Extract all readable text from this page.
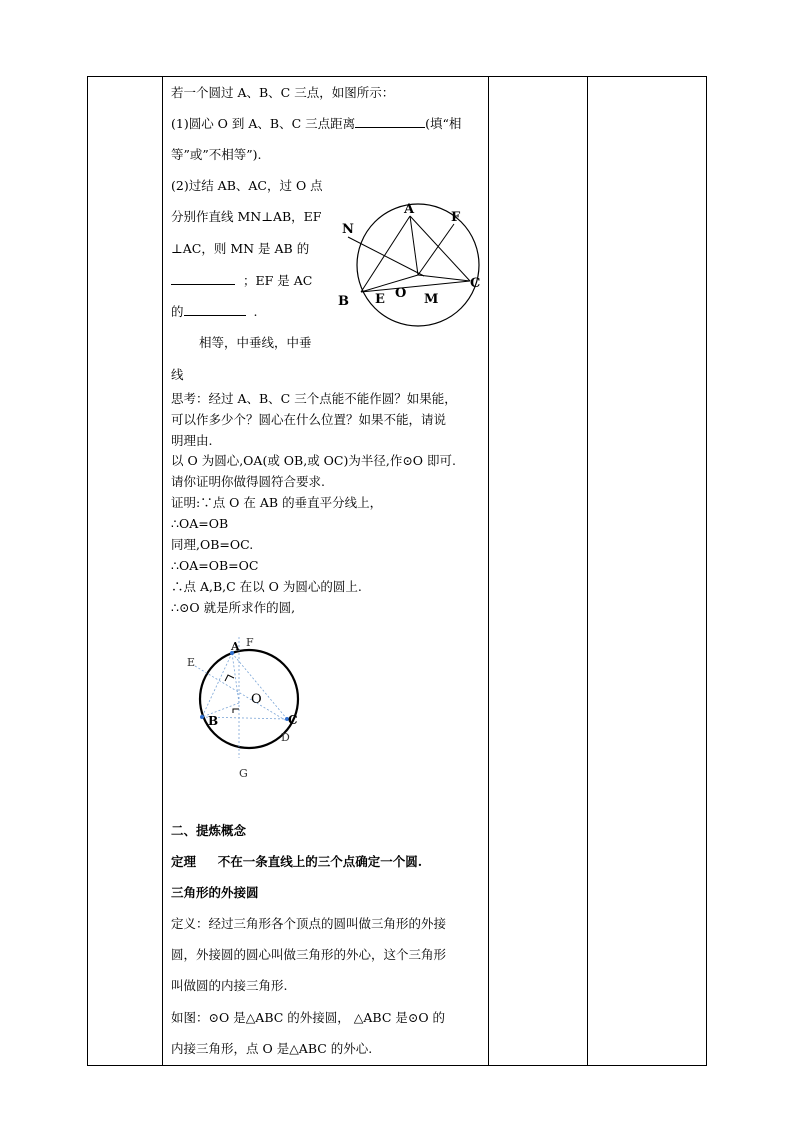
若一个圆过 A、B、C 三点，如图所示：
(1)圆心 O 到 A、B、C 三点距离	(填“相
等”或”不相等”).
(2)过结 AB、AC，过 O 点
分别作直线 MN⊥AB，EF
⊥AC，则 MN 是 AB 的
；EF 是 AC
的	.
相等，中垂线，中垂
线
A
N
F
B E O M
C
思考：经过 A、B、C 三个点能不能作圆？如果能，
可以作多少个？圆心在什么位置？如果不能，请说
明理由.
以 O 为圆心,OA(或 OB,或 OC)为半径,作⊙O 即可.
请你证明你做得圆符合要求.
证明:∵点 O 在 AB 的垂直平分线上，
∴OA=OB
同理,OB=OC.
∴OA=OB=OC
∴点 A,B,C 在以 O 为圆心的圆上.
∴⊙O 就是所求作的圆,
F
A
E
O
B	C
D
G
二、提炼概念
定理 不在一条直线上的三个点确定一个圆.
三角形的外接圆
定义：经过三角形各个顶点的圆叫做三角形的外接
圆，外接圆的圆心叫做三角形的外心，这个三角形
叫做圆的内接三角形.
如图：⊙O 是△ABC 的外接圆， △ABC 是⊙O 的
内接三角形，点 O 是△ABC 的外心.
